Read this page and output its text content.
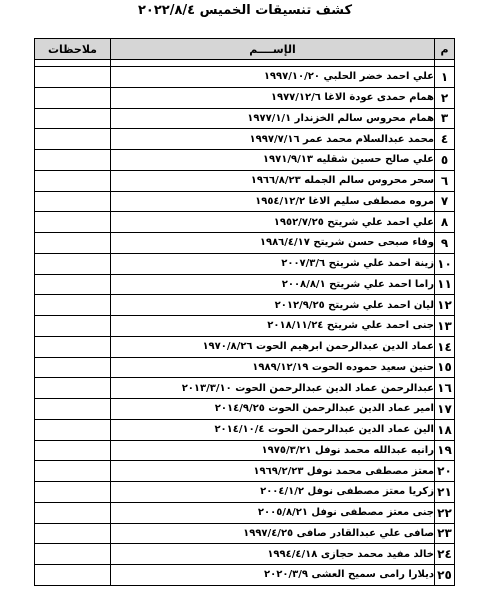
كشف تنسيقات الخميس ٢٠٢٢/٨/٤
م	الإســــم	ملاحظات

١	علي احمد خضر الحلبي ١٩٩٧/١٠/٢٠	
٢	همام حمدى عودة الاغا ١٩٧٧/١٢/٦	
٣	همام محروس سالم الخزندار ١٩٧٧/١/١	
٤	محمد عبدالسلام محمد عمر ١٩٩٧/٧/١٦	
٥	علي صالح حسين شقليه ١٩٧١/٩/١٣	
٦	سحر محروس سالم الجمله ١٩٦٦/٨/٢٣	
٧	مروه مصطفى سليم الاغا ١٩٥٤/١٢/٢	
٨	علي احمد علي شريتح ١٩٥٢/٧/٢٥	
٩	وفاء صبحى حسن شريتح ١٩٨٦/٤/١٧	
١٠	زينة احمد علي شريتح ٢٠٠٧/٣/٦	
١١	راما احمد علي شريتح ٢٠٠٨/٨/١	
١٢	ليان احمد علي شريتح ٢٠١٢/٩/٢٥	
١٣	جنى احمد علي شريتح ٢٠١٨/١١/٢٤	
١٤	عماد الدين عبدالرحمن ابرهيم الحوت ١٩٧٠/٨/٢٦	
١٥	حنين سعيد حموده الحوت ١٩٨٩/١٢/١٩	
١٦	عبدالرحمن عماد الدين عبدالرحمن الحوت ٢٠١٣/٣/١٠	
١٧	امير عماد الدين عبدالرحمن الحوت ٢٠١٤/٩/٢٥	
١٨	الين عماد الدين عبدالرحمن الحوت ٢٠١٤/١٠/٤	
١٩	رانيه عبدالله محمد نوفل ١٩٧٥/٣/٢١	
٢٠	معتز مصطفى محمد نوفل ١٩٦٩/٢/٢٣	
٢١	زكريا معتز مصطفى نوفل ٢٠٠٤/١/٢	
٢٢	جنى معتز مصطفى نوفل ٢٠٠٥/٨/٢١	
٢٣	صافى علي عبدالقادر صافى ١٩٩٧/٤/٢٥	
٢٤	خالد مفيد محمد حجازى ١٩٩٤/٤/١٨	
٢٥	ديلارا رامى سميح العشى ٢٠٢٠/٣/٩	
